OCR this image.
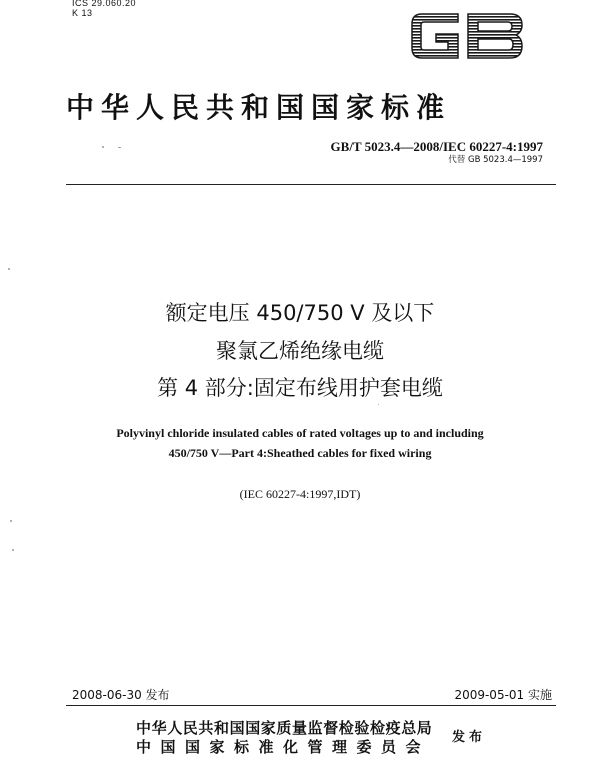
ICS 29.060.20
K 13
中华人民共和国国家标准
GB/T 5023.4—2008/IEC 60227-4:1997
代替 GB 5023.4—1997
额定电压 450/750 V 及以下
聚氯乙烯绝缘电缆
第 4 部分:固定布线用护套电缆
Polyvinyl chloride insulated cables of rated voltages up to and including
450/750 V—Part 4:Sheathed cables for fixed wiring
(IEC 60227-4:1997,IDT)
2008-06-30 发布	2009-05-01 实施
中华人民共和国国家质量监督检验检疫总局
中国国家标准化管理委员会
发布
